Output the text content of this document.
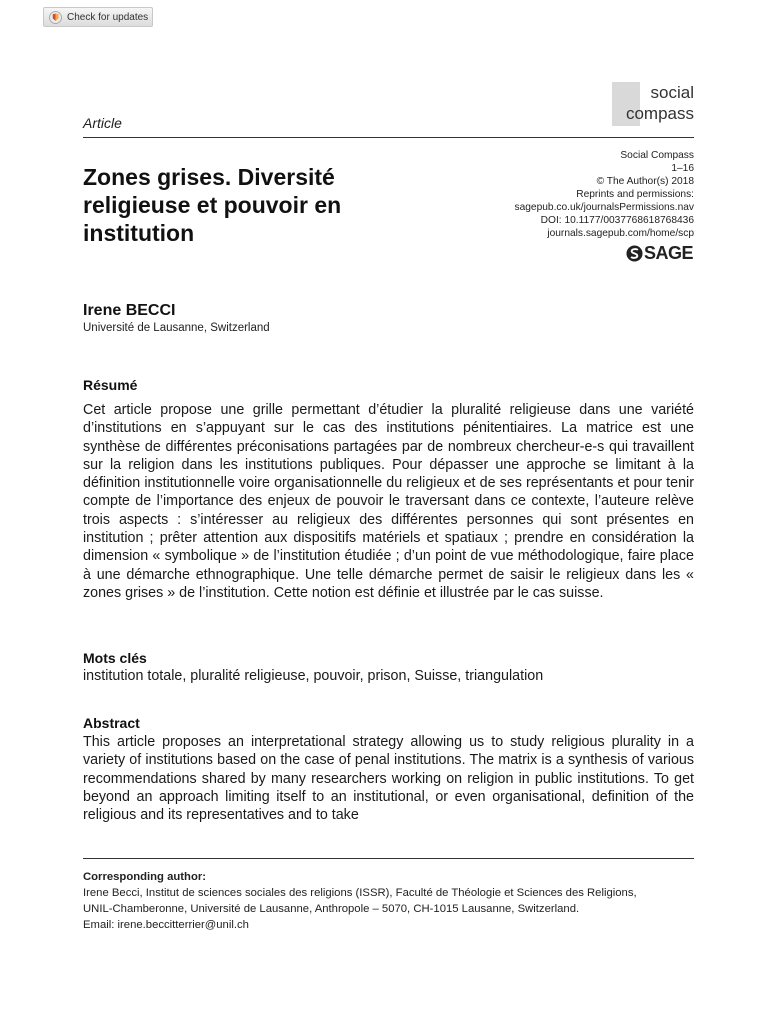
Check for updates
social
compass
Article
Zones grises. Diversité religieuse et pouvoir en institution
Social Compass
1–16
© The Author(s) 2018
Reprints and permissions:
sagepub.co.uk/journalsPermissions.nav
DOI: 10.1177/0037768618768436
journals.sagepub.com/home/scp
SAGE
Irene BECCI
Université de Lausanne, Switzerland
Résumé
Cet article propose une grille permettant d’étudier la pluralité religieuse dans une variété d’institutions en s’appuyant sur le cas des institutions pénitentiaires. La matrice est une synthèse de différentes préconisations partagées par de nombreux chercheur-e-s qui travaillent sur la religion dans les institutions publiques. Pour dépasser une approche se limitant à la définition institutionnelle voire organisationnelle du religieux et de ses représentants et pour tenir compte de l’importance des enjeux de pouvoir le traversant dans ce contexte, l’auteure relève trois aspects : s’intéresser au religieux des différentes personnes qui sont présentes en institution ; prêter attention aux dispositifs matériels et spatiaux ; prendre en considération la dimension « symbolique » de l’institution étudiée ; d’un point de vue méthodologique, faire place à une démarche ethnographique. Une telle démarche permet de saisir le religieux dans les « zones grises » de l’institution. Cette notion est définie et illustrée par le cas suisse.
Mots clés
institution totale, pluralité religieuse, pouvoir, prison, Suisse, triangulation
Abstract
This article proposes an interpretational strategy allowing us to study religious plurality in a variety of institutions based on the case of penal institutions. The matrix is a synthesis of various recommendations shared by many researchers working on religion in public institutions. To get beyond an approach limiting itself to an institutional, or even organisational, definition of the religious and its representatives and to take
Corresponding author:
Irene Becci, Institut de sciences sociales des religions (ISSR), Faculté de Théologie et Sciences des Religions,
UNIL-Chamberonne, Université de Lausanne, Anthropole – 5070, CH-1015 Lausanne, Switzerland.
Email: irene.beccitterrier@unil.ch
